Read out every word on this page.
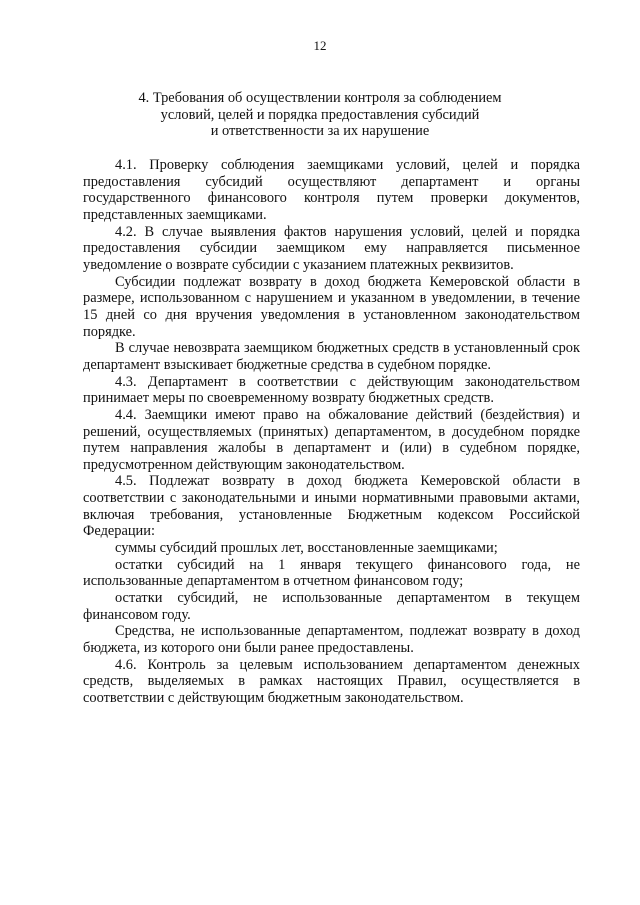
12
4. Требования об осуществлении контроля за соблюдением
условий, целей и порядка предоставления субсидий
и ответственности за их нарушение

4.1. Проверку соблюдения заемщиками условий, целей и порядка предоставления субсидий осуществляют департамент и органы государственного финансового контроля путем проверки документов, представленных заемщиками.

4.2. В случае выявления фактов нарушения условий, целей и порядка предоставления субсидии заемщиком ему направляется письменное уведомление о возврате субсидии с указанием платежных реквизитов.

Субсидии подлежат возврату в доход бюджета Кемеровской области в размере, использованном с нарушением и указанном в уведомлении, в течение 15 дней со дня вручения уведомления в установленном законодательством порядке.

В случае невозврата заемщиком бюджетных средств в установленный срок департамент взыскивает бюджетные средства в судебном порядке.

4.3. Департамент в соответствии с действующим законодательством принимает меры по своевременному возврату бюджетных средств.

4.4. Заемщики имеют право на обжалование действий (бездействия) и решений, осуществляемых (принятых) департаментом, в досудебном порядке путем направления жалобы в департамент и (или) в судебном порядке, предусмотренном действующим законодательством.

4.5. Подлежат возврату в доход бюджета Кемеровской области в соответствии с законодательными и иными нормативными правовыми актами, включая требования, установленные Бюджетным кодексом Российской Федерации:

суммы субсидий прошлых лет, восстановленные заемщиками;

остатки субсидий на 1 января текущего финансового года, не использованные департаментом в отчетном финансовом году;

остатки субсидий, не использованные департаментом в текущем финансовом году.

Средства, не использованные департаментом, подлежат возврату в доход бюджета, из которого они были ранее предоставлены.

4.6. Контроль за целевым использованием департаментом денежных средств, выделяемых в рамках настоящих Правил, осуществляется в соответствии с действующим бюджетным законодательством.
